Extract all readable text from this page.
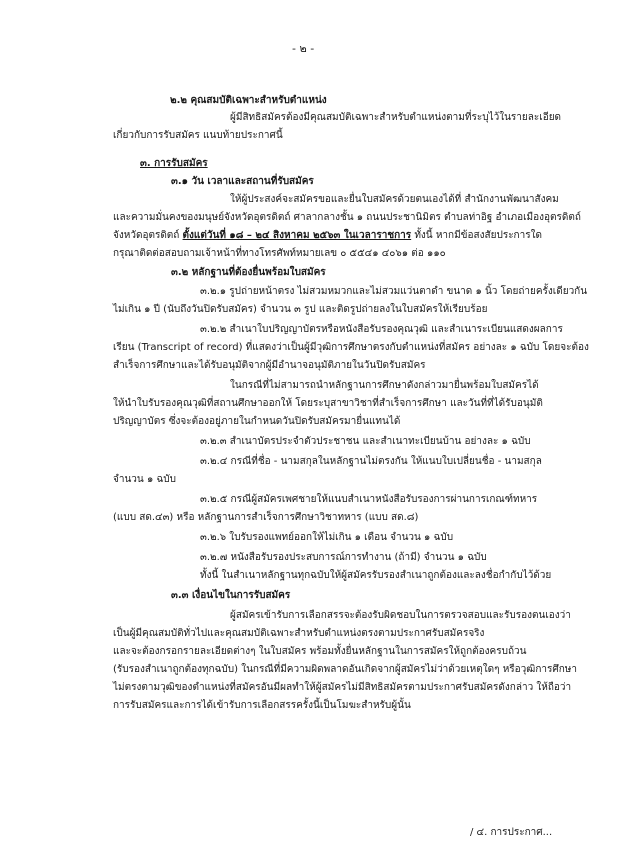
- ๒ -
๒.๒ คุณสมบัติเฉพาะสำหรับตำแหน่ง
ผู้มีสิทธิสมัครต้องมีคุณสมบัติเฉพาะสำหรับตำแหน่งตามที่ระบุไว้ในรายละเอียด
เกี่ยวกับการรับสมัคร แนบท้ายประกาศนี้
๓. การรับสมัคร
๓.๑ วัน เวลาและสถานที่รับสมัคร
ให้ผู้ประสงค์จะสมัครขอและยื่นใบสมัครด้วยตนเองได้ที่ สำนักงานพัฒนาสังคม
และความมั่นคงของมนุษย์จังหวัดอุตรดิตถ์ ศาลากลางชั้น ๑ ถนนประชานิมิตร ตำบลท่าอิฐ อำเภอเมืองอุตรดิตถ์
จังหวัดอุตรดิตถ์ ตั้งแต่วันที่ ๑๘ – ๒๔ สิงหาคม ๒๕๖๓ ในเวลาราชการ ทั้งนี้ หากมีข้อสงสัยประการใด
กรุณาติดต่อสอบถามเจ้าหน้าที่ทางโทรศัพท์หมายเลข ๐ ๕๕๔๑ ๔๐๖๑ ต่อ ๑๑๐
๓.๒ หลักฐานที่ต้องยื่นพร้อมใบสมัคร
๓.๒.๑ รูปถ่ายหน้าตรง ไม่สวมหมวกและไม่สวมแว่นตาดำ ขนาด ๑ นิ้ว โดยถ่ายครั้งเดียวกัน
ไม่เกิน ๑ ปี (นับถึงวันปิดรับสมัคร) จำนวน ๓ รูป และติดรูปถ่ายลงในใบสมัครให้เรียบร้อย
๓.๒.๒ สำเนาใบปริญญาบัตรหรือหนังสือรับรองคุณวุฒิ และสำเนาระเบียนแสดงผลการ
เรียน (Transcript of record) ที่แสดงว่าเป็นผู้มีวุฒิการศึกษาตรงกับตำแหน่งที่สมัคร อย่างละ ๑ ฉบับ โดยจะต้อง
สำเร็จการศึกษาและได้รับอนุมัติจากผู้มีอำนาจอนุมัติภายในวันปิดรับสมัคร
ในกรณีที่ไม่สามารถนำหลักฐานการศึกษาดังกล่าวมายื่นพร้อมใบสมัครได้
ให้นำใบรับรองคุณวุฒิที่สถานศึกษาออกให้ โดยระบุสาขาวิชาที่สำเร็จการศึกษา และวันที่ที่ได้รับอนุมัติ
ปริญญาบัตร ซึ่งจะต้องอยู่ภายในกำหนดวันปิดรับสมัครมายื่นแทนได้
๓.๒.๓ สำเนาบัตรประจำตัวประชาชน และสำเนาทะเบียนบ้าน อย่างละ ๑ ฉบับ
๓.๒.๔ กรณีที่ชื่อ - นามสกุลในหลักฐานไม่ตรงกัน ให้แนบใบเปลี่ยนชื่อ - นามสกุล
จำนวน ๑ ฉบับ
๓.๒.๕ กรณีผู้สมัครเพศชายให้แนบสำเนาหนังสือรับรองการผ่านการเกณฑ์ทหาร
(แบบ สด.๔๓) หรือ หลักฐานการสำเร็จการศึกษาวิชาทหาร (แบบ สด.๘)
๓.๒.๖ ใบรับรองแพทย์ออกให้ไม่เกิน ๑ เดือน จำนวน ๑ ฉบับ
๓.๒.๗ หนังสือรับรองประสบการณ์การทำงาน (ถ้ามี) จำนวน ๑ ฉบับ
ทั้งนี้ ในสำเนาหลักฐานทุกฉบับให้ผู้สมัครรับรองสำเนาถูกต้องและลงชื่อกำกับไว้ด้วย
๓.๓ เงื่อนไขในการรับสมัคร
ผู้สมัครเข้ารับการเลือกสรรจะต้องรับผิดชอบในการตรวจสอบและรับรองตนเองว่า
เป็นผู้มีคุณสมบัติทั่วไปและคุณสมบัติเฉพาะสำหรับตำแหน่งตรงตามประกาศรับสมัครจริง
และจะต้องกรอกรายละเอียดต่างๆ ในใบสมัคร พร้อมทั้งยื่นหลักฐานในการสมัครให้ถูกต้องครบถ้วน
(รับรองสำเนาถูกต้องทุกฉบับ) ในกรณีที่มีความผิดพลาดอันเกิดจากผู้สมัครไม่ว่าด้วยเหตุใดๆ หรือวุฒิการศึกษา
ไม่ตรงตามวุฒิของตำแหน่งที่สมัครอันมีผลทำให้ผู้สมัครไม่มีสิทธิสมัครตามประกาศรับสมัครดังกล่าว ให้ถือว่า
การรับสมัครและการได้เข้ารับการเลือกสรรครั้งนี้เป็นโมฆะสำหรับผู้นั้น
/ ๔. การประกาศ...
